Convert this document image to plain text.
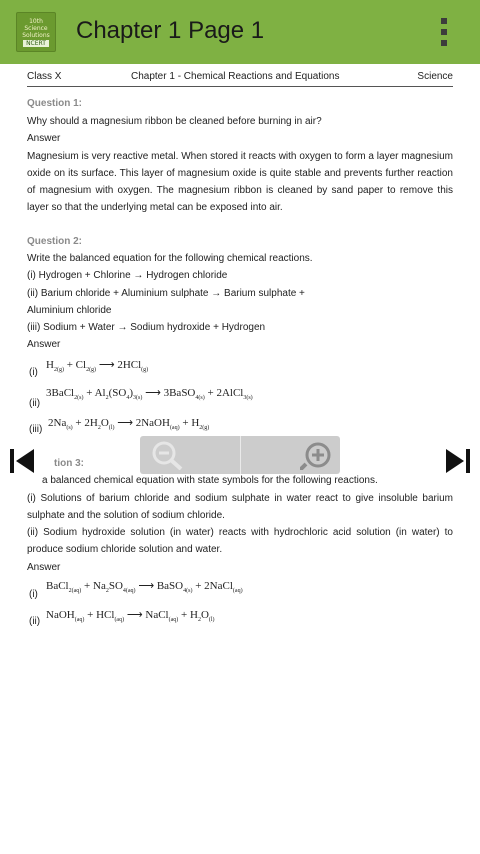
10th
Science
Solutions
NCERT Chapter 1 Page 1
Class X	Chapter 1 - Chemical Reactions and Equations	Science
Question 1:
Why should a magnesium ribbon be cleaned before burning in air?
Answer
Magnesium is very reactive metal. When stored it reacts with oxygen to form a layer magnesium oxide on its surface. This layer of magnesium oxide is quite stable and prevents further reaction of magnesium with oxygen. The magnesium ribbon is cleaned by sand paper to remove this layer so that the underlying metal can be exposed into air.
Question 2:
Write the balanced equation for the following chemical reactions.
(i) Hydrogen + Chlorine → Hydrogen chloride
(ii) Barium chloride + Aluminium sulphate → Barium sulphate +
Aluminium chloride
(iii) Sodium + Water → Sodium hydroxide + Hydrogen
Answer
(i)
$H_{2(g)} + Cl_{2(g)}$ ⟶ 2HCl$_{(g)}$
(ii)
3BaCl$_{2(s)}$ + $Al_2(SO_4)_{3(s)}$ ⟶ 3BaSO$_{4(s)}$ + 2AlCl$_{3(s)}$
(iii)
$2Na_{(s)} + 2H_2O_{(l)}$ ⟶ 2NaOH$_{(aq)}$ + $H_{2(g)}$
tion 3:
a balanced chemical equation with state symbols for the following reactions.
(i) Solutions of barium chloride and sodium sulphate in water react to give insoluble barium sulphate and the solution of sodium chloride.
(ii) Sodium hydroxide solution (in water) reacts with hydrochloric acid solution (in water) to produce sodium chloride solution and water.
Answer
(i)
BaCl$_{2(aq)}$ + $Na_2SO_{4(aq)}$ ⟶ BaSO$_{4(s)}$ + 2NaCl$_{(aq)}$
(ii)
NaOH$_{(aq)}$ + HCl$_{(aq)}$ ⟶ NaCl$_{(aq)}$ + $H_2O_{(l)}$
